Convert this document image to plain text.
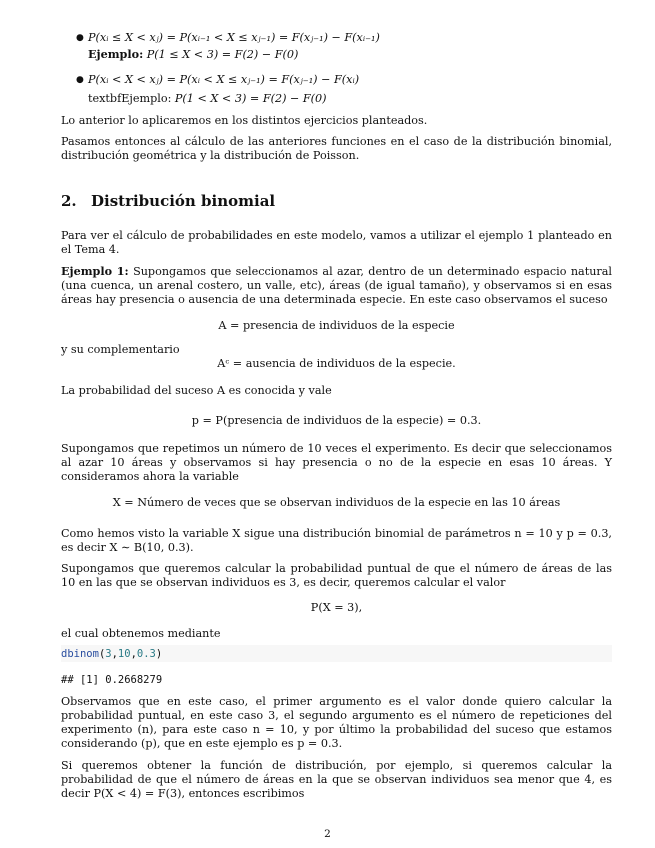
● P(xᵢ ≤ X < xⱼ) = P(xᵢ₋₁ < X ≤ xⱼ₋₁) = F(xⱼ₋₁) − F(xᵢ₋₁)
Ejemplo: P(1 ≤ X < 3) = F(2) − F(0)
● P(xᵢ < X < xⱼ) = P(xᵢ < X ≤ xⱼ₋₁) = F(xⱼ₋₁) − F(xᵢ)
textbfEjemplo: P(1 < X < 3) = F(2) − F(0)
Lo anterior lo aplicaremos en los distintos ejercicios planteados.
Pasamos entonces al cálculo de las anteriores funciones en el caso de la distribución binomial, distribución geométrica y la distribución de Poisson.
2. Distribución binomial
Para ver el cálculo de probabilidades en este modelo, vamos a utilizar el ejemplo 1 planteado en el Tema 4.
Ejemplo 1: Supongamos que seleccionamos al azar, dentro de un determinado espacio natural (una cuenca, un arenal costero, un valle, etc), áreas (de igual tamaño), y observamos si en esas áreas hay presencia o ausencia de una determinada especie. En este caso observamos el suceso
A = presencia de individuos de la especie
y su complementario
Aᶜ = ausencia de individuos de la especie.
La probabilidad del suceso A es conocida y vale
p = P(presencia de individuos de la especie) = 0.3.
Supongamos que repetimos un número de 10 veces el experimento. Es decir que seleccionamos al azar 10 áreas y observamos si hay presencia o no de la especie en esas 10 áreas. Y consideramos ahora la variable
X = Número de veces que se observan individuos de la especie en las 10 áreas
Como hemos visto la variable X sigue una distribución binomial de parámetros n = 10 y p = 0.3, es decir X ∼ B(10, 0.3).
Supongamos que queremos calcular la probabilidad puntual de que el número de áreas de las 10 en las que se observan individuos es 3, es decir, queremos calcular el valor
P(X = 3),
el cual obtenemos mediante
dbinom(3,10,0.3)
## [1] 0.2668279
Observamos que en este caso, el primer argumento es el valor donde quiero calcular la probabilidad puntual, en este caso 3, el segundo argumento es el número de repeticiones del experimento (n), para este caso n = 10, y por último la probabilidad del suceso que estamos considerando (p), que en este ejemplo es p = 0.3.
Si queremos obtener la función de distribución, por ejemplo, si queremos calcular la probabilidad de que el número de áreas en la que se observan individuos sea menor que 4, es decir P(X < 4) = F(3), entonces escribimos
2
